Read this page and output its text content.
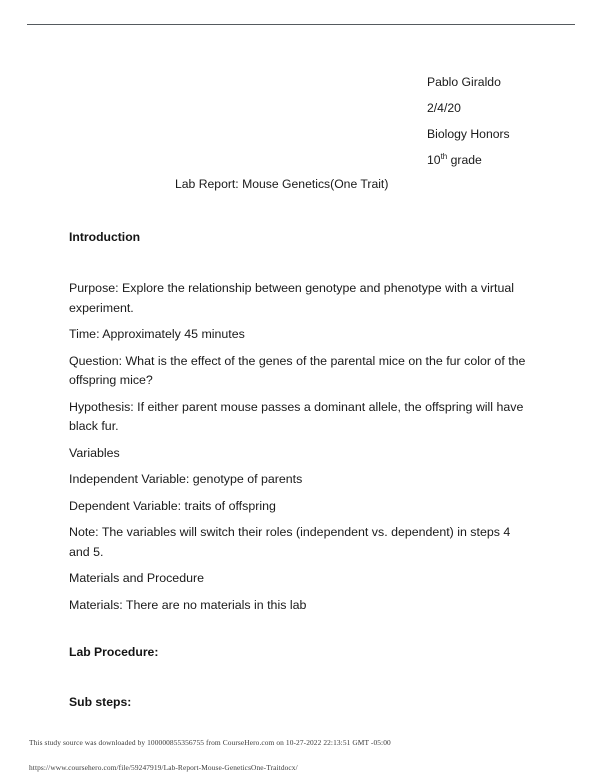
Pablo Giraldo
2/4/20
Biology Honors
10th grade
Lab Report: Mouse Genetics(One Trait)

Introduction

Purpose: Explore the relationship between genotype and phenotype with a virtual experiment.

Time: Approximately 45 minutes

Question: What is the effect of the genes of the parental mice on the fur color of the offspring mice?

Hypothesis: If either parent mouse passes a dominant allele, the offspring will have black fur.

Variables

Independent Variable: genotype of parents

Dependent Variable: traits of offspring

Note: The variables will switch their roles (independent vs. dependent) in steps 4 and 5.

Materials and Procedure

Materials: There are no materials in this lab

Lab Procedure:

Sub steps:

This study source was downloaded by 100000855356755 from CourseHero.com on 10-27-2022 22:13:51 GMT -05:00
https://www.coursehero.com/file/59247919/Lab-Report-Mouse-GeneticsOne-Traitdocx/
